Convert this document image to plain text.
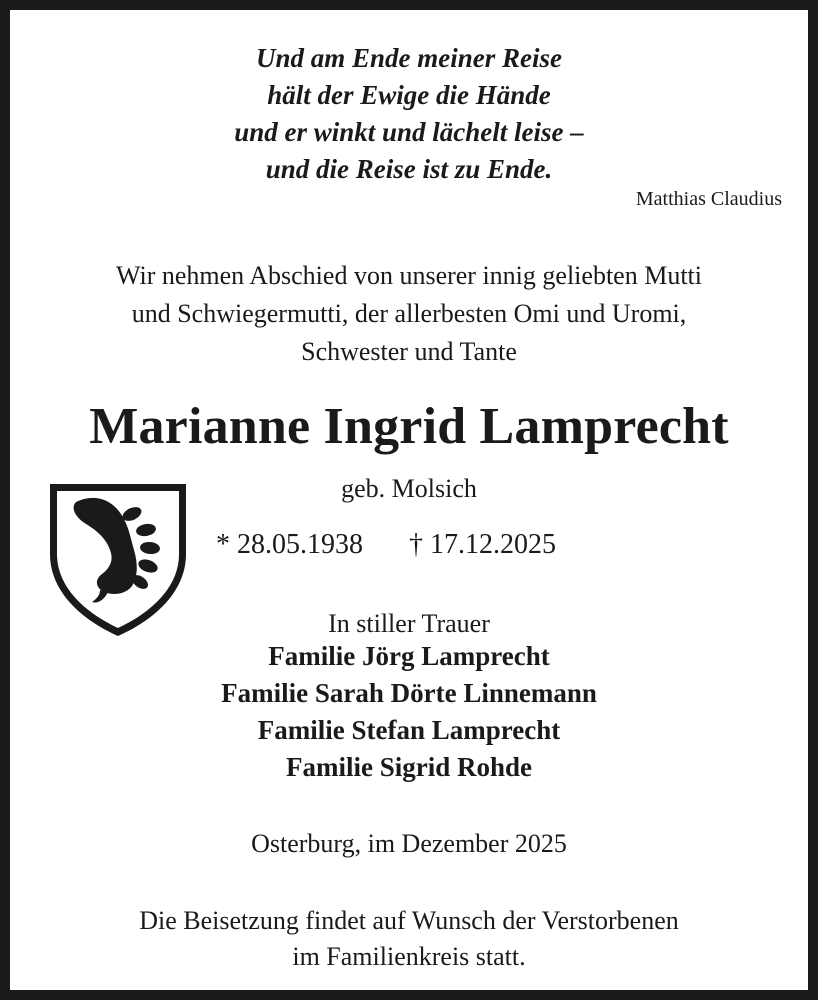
Und am Ende meiner Reise
hält der Ewige die Hände
und er winkt und lächelt leise –
und die Reise ist zu Ende.
Matthias Claudius
Wir nehmen Abschied von unserer innig geliebten Mutti
und Schwiegermutti, der allerbesten Omi und Uromi,
Schwester und Tante
Marianne Ingrid Lamprecht
geb. Molsich
* 28.05.1938 † 17.12.2025
In stiller Trauer
Familie Jörg Lamprecht
Familie Sarah Dörte Linnemann
Familie Stefan Lamprecht
Familie Sigrid Rohde
Osterburg, im Dezember 2025
Die Beisetzung findet auf Wunsch der Verstorbenen
im Familienkreis statt.
